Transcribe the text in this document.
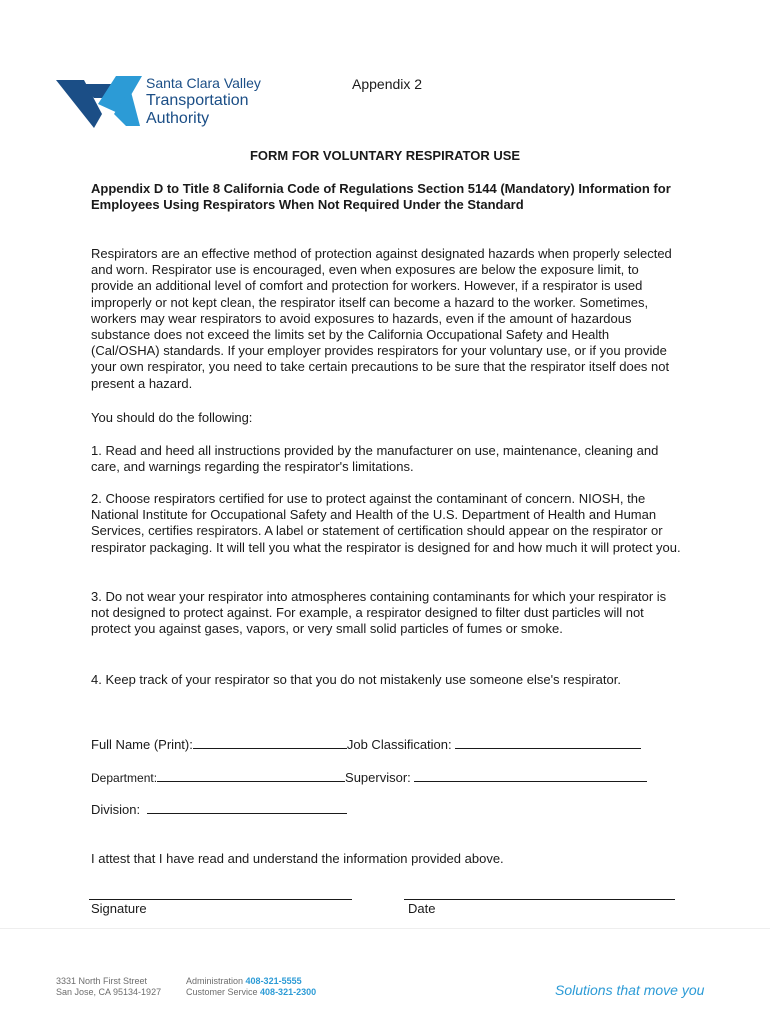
Santa Clara Valley
Transportation
Authority
Appendix 2
FORM FOR VOLUNTARY RESPIRATOR USE
Appendix D to Title 8 California Code of Regulations Section 5144 (Mandatory) Information for Employees Using Respirators When Not Required Under the Standard
Respirators are an effective method of protection against designated hazards when properly selected and worn. Respirator use is encouraged, even when exposures are below the exposure limit, to provide an additional level of comfort and protection for workers. However, if a respirator is used improperly or not kept clean, the respirator itself can become a hazard to the worker. Sometimes, workers may wear respirators to avoid exposures to hazards, even if the amount of hazardous substance does not exceed the limits set by the California Occupational Safety and Health (Cal/OSHA) standards. If your employer provides respirators for your voluntary use, or if you provide your own respirator, you need to take certain precautions to be sure that the respirator itself does not present a hazard.
You should do the following:
1. Read and heed all instructions provided by the manufacturer on use, maintenance, cleaning and care, and warnings regarding the respirator's limitations.
2. Choose respirators certified for use to protect against the contaminant of concern. NIOSH, the National Institute for Occupational Safety and Health of the U.S. Department of Health and Human Services, certifies respirators. A label or statement of certification should appear on the respirator or respirator packaging. It will tell you what the respirator is designed for and how much it will protect you.
3. Do not wear your respirator into atmospheres containing contaminants for which your respirator is not designed to protect against. For example, a respirator designed to filter dust particles will not protect you against gases, vapors, or very small solid particles of fumes or smoke.
4. Keep track of your respirator so that you do not mistakenly use someone else's respirator.
Full Name (Print):	Job Classification:
Department:	Supervisor:
Division:
I attest that I have read and understand the information provided above.
Signature	Date
3331 North First Street
San Jose, CA 95134-1927
Administration 408-321-5555
Customer Service 408-321-2300	Solutions that move you
